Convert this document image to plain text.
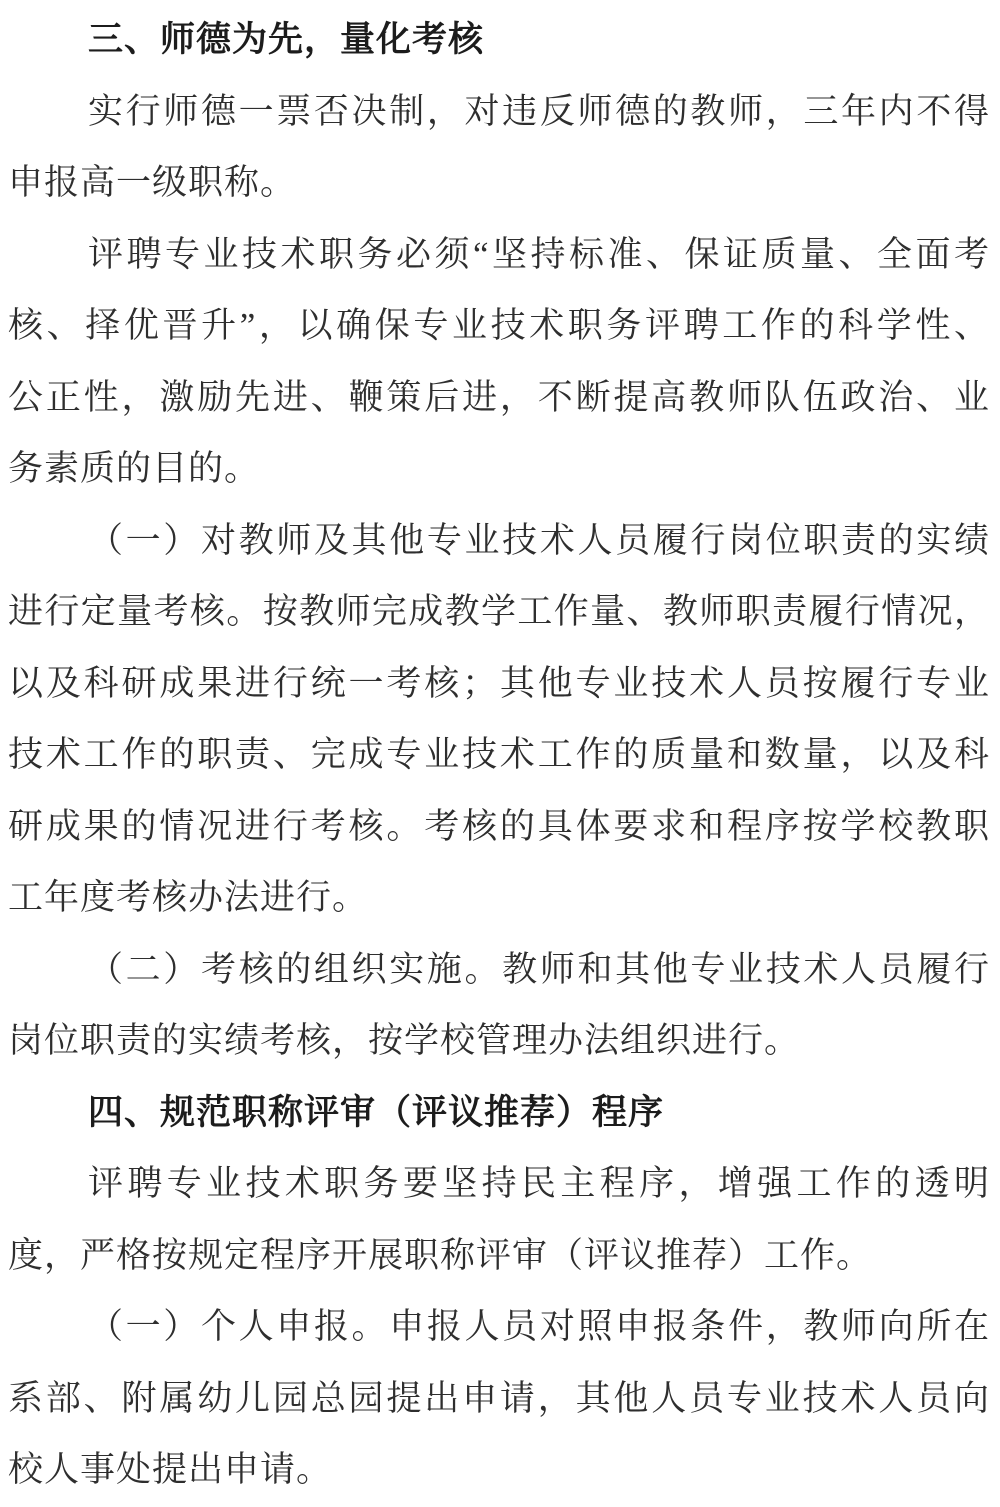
三、师德为先，量化考核
实行师德一票否决制，对违反师德的教师，三年内不得
申报高一级职称。
评聘专业技术职务必须“坚持标准、保证质量、全面考
核、择优晋升”，以确保专业技术职务评聘工作的科学性、
公正性，激励先进、鞭策后进，不断提高教师队伍政治、业
务素质的目的。
（一）对教师及其他专业技术人员履行岗位职责的实绩
进行定量考核。按教师完成教学工作量、教师职责履行情况，
以及科研成果进行统一考核；其他专业技术人员按履行专业
技术工作的职责、完成专业技术工作的质量和数量，以及科
研成果的情况进行考核。考核的具体要求和程序按学校教职
工年度考核办法进行。
（二）考核的组织实施。教师和其他专业技术人员履行
岗位职责的实绩考核，按学校管理办法组织进行。
四、规范职称评审（评议推荐）程序
评聘专业技术职务要坚持民主程序，增强工作的透明
度，严格按规定程序开展职称评审（评议推荐）工作。
（一）个人申报。申报人员对照申报条件，教师向所在
系部、附属幼儿园总园提出申请，其他人员专业技术人员向
校人事处提出申请。
